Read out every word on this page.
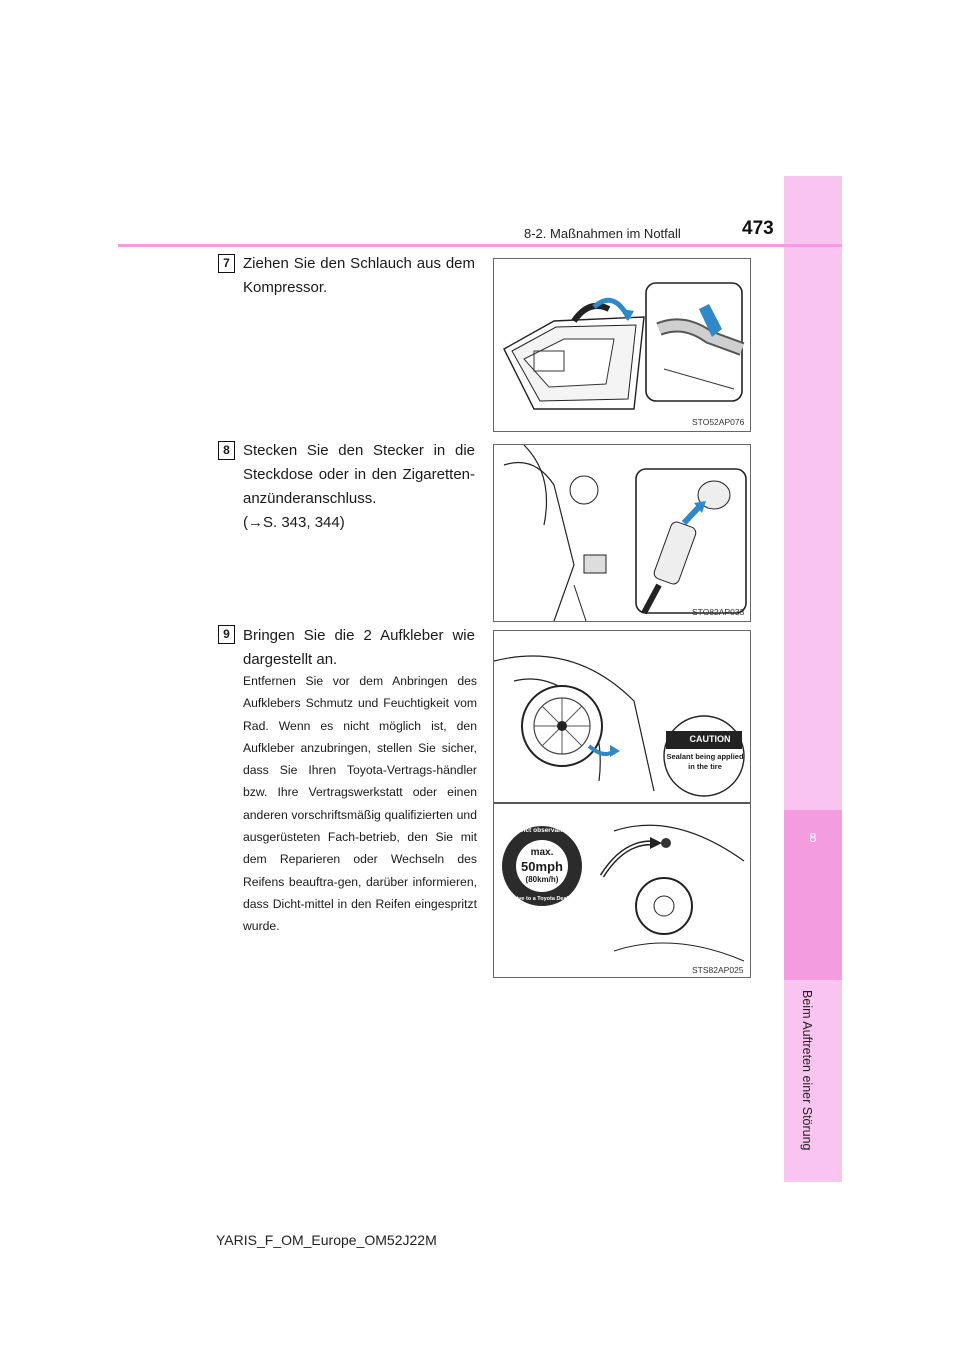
8
Beim Auftreten einer Störung
8-2. Maßnahmen im Notfall	473
7 Ziehen Sie den Schlauch aus dem Kompressor.
STO52AP076
8 Stecken Sie den Stecker in die Steckdose oder in den Zigaretten-anzünderanschluss.
(→S. 343, 344)
STO82AP033
9 Bringen Sie die 2 Aufkleber wie dargestellt an.
Entfernen Sie vor dem Anbringen des Aufklebers Schmutz und Feuchtigkeit vom Rad. Wenn es nicht möglich ist, den Aufkleber anzubringen, stellen Sie sicher, dass Sie Ihren Toyota-Vertrags-händler bzw. Ihre Vertragswerkstatt oder einen anderen vorschriftsmäßig qualifizierten und ausgerüsteten Fach-betrieb, den Sie mit dem Reparieren oder Wechseln des Reifens beauftra-gen, darüber informieren, dass Dicht-mittel in den Reifen eingespritzt wurde.
CAUTION
Sealant being applied
in the tire
Strict observance
max.
50mph
(80km/h)
Drive to a Toyota Dealer
STS82AP025
YARIS_F_OM_Europe_OM52J22M
